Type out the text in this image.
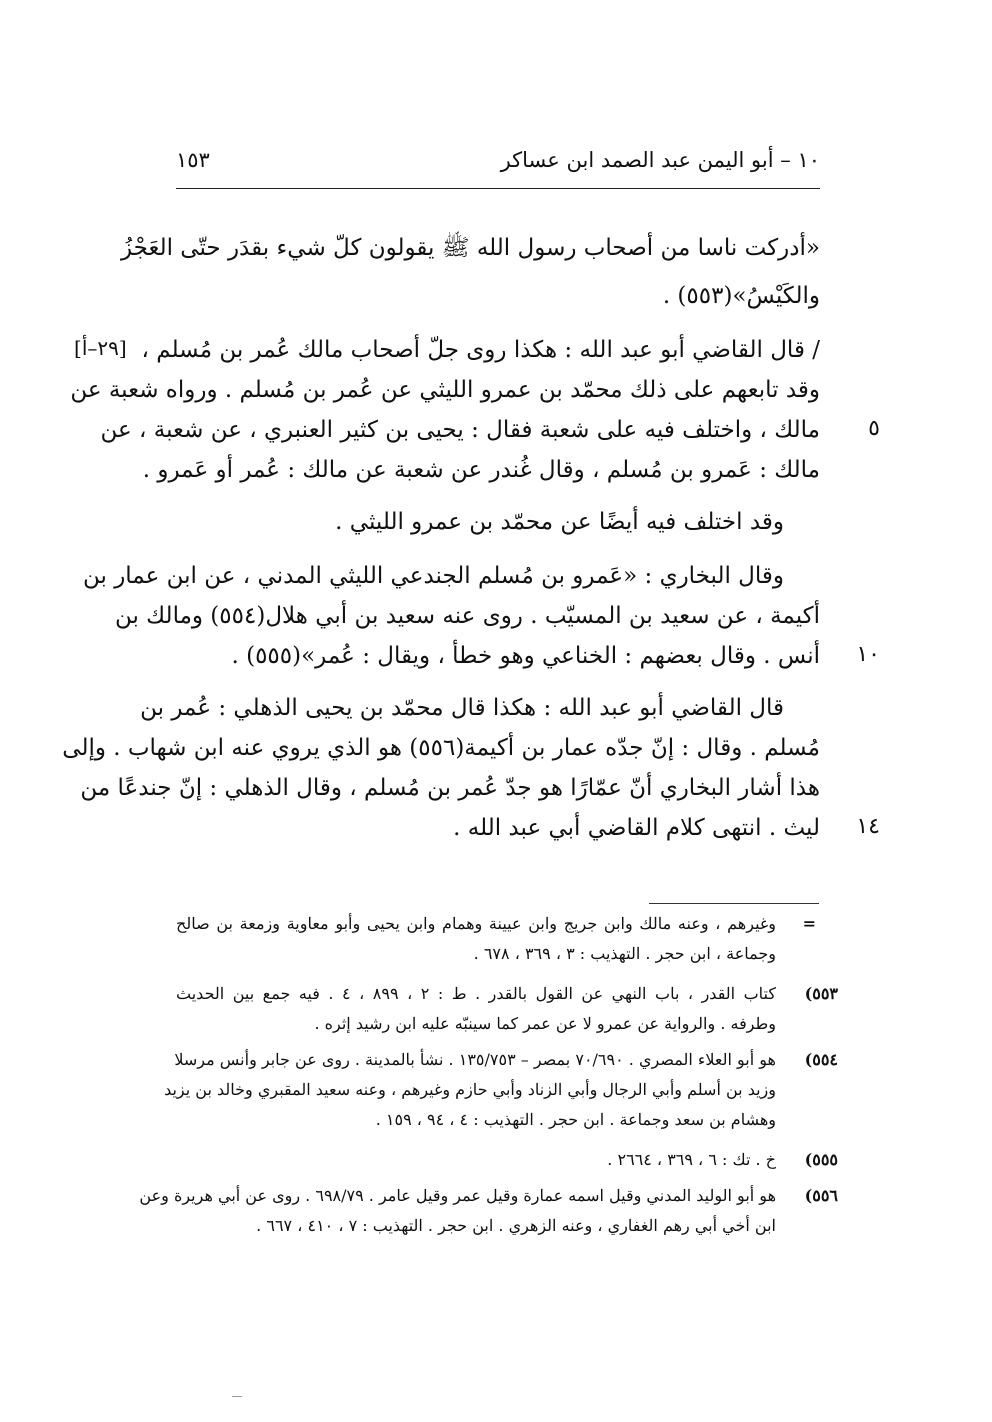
١٠ – أبو اليمن عبد الصمد ابن عساكر
١٥٣
«أدركت ناسا من أصحاب رسول الله ﷺ يقولون كلّ شيء بقدَر حتّى العَجْزُ
والكَيْسُ»(٥٥٣) .
/ قال القاضي أبو عبد الله : هكذا روى جلّ أصحاب مالك عُمر بن مُسلم ،
[٢٩–أ]
وقد تابعهم على ذلك محمّد بن عمرو الليثي عن عُمر بن مُسلم . ورواه شعبة عن
مالك ، واختلف فيه على شعبة فقال : يحيى بن كثير العنبري ، عن شعبة ، عن ٥
مالك : عَمرو بن مُسلم ، وقال غُندر عن شعبة عن مالك : عُمر أو عَمرو .
وقد اختلف فيه أيضًا عن محمّد بن عمرو الليثي .
وقال البخاري : «عَمرو بن مُسلم الجندعي الليثي المدني ، عن ابن عمار بن
أكيمة ، عن سعيد بن المسيّب . روى عنه سعيد بن أبي هلال(٥٥٤) ومالك بن
أنس . وقال بعضهم : الخناعي وهو خطأ ، ويقال : عُمر»(٥٥٥) . ١٠
قال القاضي أبو عبد الله : هكذا قال محمّد بن يحيى الذهلي : عُمر بن
مُسلم . وقال : إنّ جدّه عمار بن أكيمة(٥٥٦) هو الذي يروي عنه ابن شهاب . وإلى
هذا أشار البخاري أنّ عمّارًا هو جدّ عُمر بن مُسلم ، وقال الذهلي : إنّ جندعًا من
ليث . انتهى كلام القاضي أبي عبد الله . ١٤
=
وغيرهم ، وعنه مالك وابن جريج وابن عيينة وهمام وابن يحيى وأبو معاوية وزمعة بن صالح
وجماعة ، ابن حجر . التهذيب : ٣ ، ٣٦٩ ، ٦٧٨ .
٥٥٣)
كتاب القدر ، باب النهي عن القول بالقدر . ط : ٢ ، ٨٩٩ ، ٤ . فيه جمع بين الحديث
وطرفه . والرواية عن عمرو لا عن عمر كما سينبّه عليه ابن رشيد إثره .
٥٥٤)
هو أبو العلاء المصري . ٧٠/٦٩٠ بمصر – ١٣٥/٧٥٣ . نشأ بالمدينة . روى عن جابر وأنس مرسلا
وزيد بن أسلم وأبي الرجال وأبي الزناد وأبي حازم وغيرهم ، وعنه سعيد المقبري وخالد بن يزيد
وهشام بن سعد وجماعة . ابن حجر . التهذيب : ٤ ، ٩٤ ، ١٥٩ .
٥٥٥)
خ . تك : ٦ ، ٣٦٩ ، ٢٦٦٤ .
٥٥٦)
هو أبو الوليد المدني وقيل اسمه عمارة وقيل عمر وقيل عامر . ٦٩٨/٧٩ . روى عن أبي هريرة وعن
ابن أخي أبي رهم الغفاري ، وعنه الزهري . ابن حجر . التهذيب : ٧ ، ٤١٠ ، ٦٦٧ .
